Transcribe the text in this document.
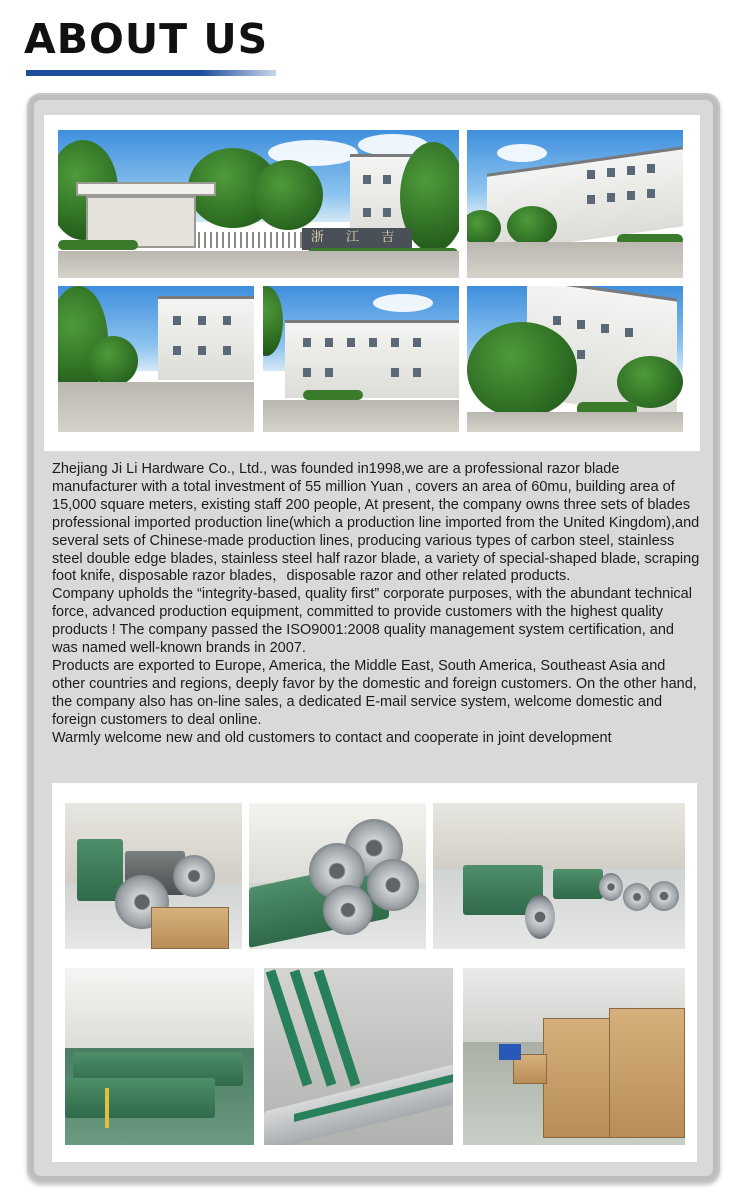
ABOUT US
浙 江 吉

Zhejiang Ji Li Hardware Co., Ltd., was founded in1998,we are a professional razor blade manufacturer with a total investment of 55 million Yuan , covers an area of 60mu, building area of 15,000 square meters, existing staff 200 people, At present, the company owns three sets of blades professional imported production line(which a production line imported from the United Kingdom),and several sets of Chinese-made production lines, producing various types of carbon steel, stainless steel double edge blades, stainless steel half razor blade, a variety of special-shaped blade, scraping foot knife, disposable razor blades，disposable razor and other related products.

Company upholds the “integrity-based, quality first” corporate purposes, with the abundant technical force, advanced production equipment, committed to provide customers with the highest quality products ! The company passed the ISO9001:2008 quality management system certification, and was named well-known brands in 2007.

Products are exported to Europe, America, the Middle East, South America, Southeast Asia and other countries and regions, deeply favor by the domestic and foreign customers. On the other hand, the company also has on-line sales, a dedicated E-mail service system, welcome domestic and foreign customers to deal online.

Warmly welcome new and old customers to contact and cooperate in joint development
